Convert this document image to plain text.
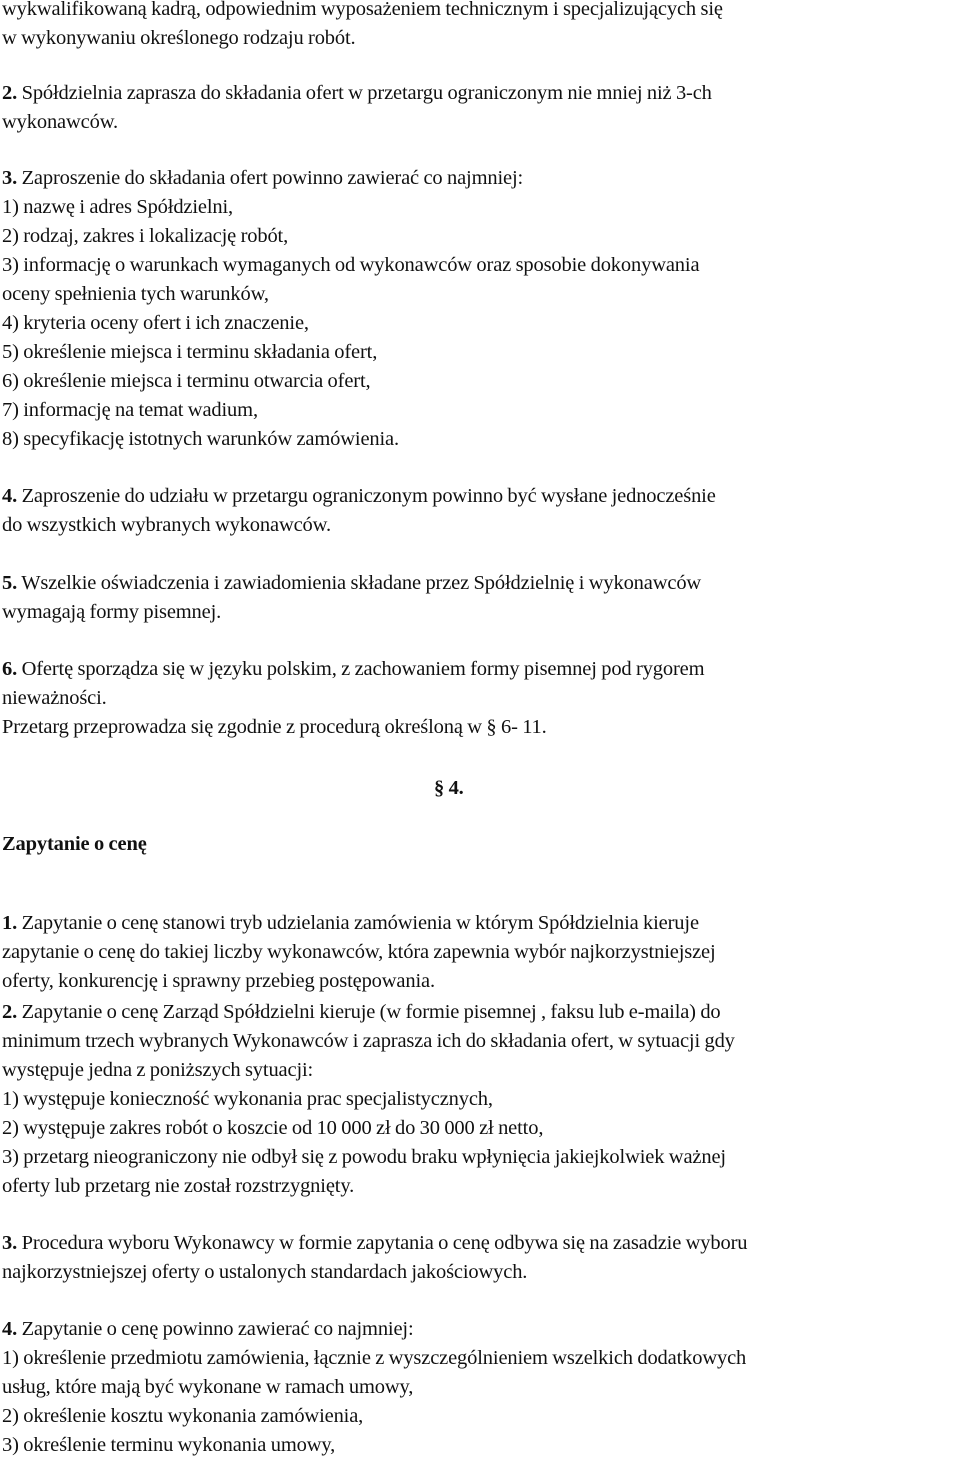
wykwalifikowaną kadrą, odpowiednim wyposażeniem technicznym i specjalizujących się
w wykonywaniu określonego rodzaju robót.
2. Spółdzielnia zaprasza do składania ofert w przetargu ograniczonym nie mniej niż 3-ch
wykonawców.
3. Zaproszenie do składania ofert powinno zawierać co najmniej:
1) nazwę i adres Spółdzielni,
2) rodzaj, zakres i lokalizację robót,
3) informację o warunkach wymaganych od wykonawców oraz sposobie dokonywania
oceny spełnienia tych warunków,
4) kryteria oceny ofert i ich znaczenie,
5) określenie miejsca i terminu składania ofert,
6) określenie miejsca i terminu otwarcia ofert,
7) informację na temat wadium,
8) specyfikację istotnych warunków zamówienia.
4. Zaproszenie do udziału w przetargu ograniczonym powinno być wysłane jednocześnie
do wszystkich wybranych wykonawców.
5. Wszelkie oświadczenia i zawiadomienia składane przez Spółdzielnię i wykonawców
wymagają formy pisemnej.
6. Ofertę sporządza się w języku polskim, z zachowaniem formy pisemnej pod rygorem
nieważności.
Przetarg przeprowadza się zgodnie z procedurą określoną w § 6- 11.
§ 4.
Zapytanie o cenę
1. Zapytanie o cenę stanowi tryb udzielania zamówienia w którym Spółdzielnia kieruje
zapytanie o cenę do takiej liczby wykonawców, która zapewnia wybór najkorzystniejszej
oferty, konkurencję i sprawny przebieg postępowania.
2. Zapytanie o cenę Zarząd Spółdzielni kieruje (w formie pisemnej , faksu lub e-maila) do
minimum trzech wybranych Wykonawców i zaprasza ich do składania ofert, w sytuacji gdy
występuje jedna z poniższych sytuacji:
1) występuje konieczność wykonania prac specjalistycznych,
2) występuje zakres robót o koszcie od 10 000 zł do 30 000 zł netto,
3) przetarg nieograniczony nie odbył się z powodu braku wpłynięcia jakiejkolwiek ważnej
oferty lub przetarg nie został rozstrzygnięty.
3. Procedura wyboru Wykonawcy w formie zapytania o cenę odbywa się na zasadzie wyboru
najkorzystniejszej oferty o ustalonych standardach jakościowych.
4. Zapytanie o cenę powinno zawierać co najmniej:
1) określenie przedmiotu zamówienia, łącznie z wyszczególnieniem wszelkich dodatkowych
usług, które mają być wykonane w ramach umowy,
2) określenie kosztu wykonania zamówienia,
3) określenie terminu wykonania umowy,
